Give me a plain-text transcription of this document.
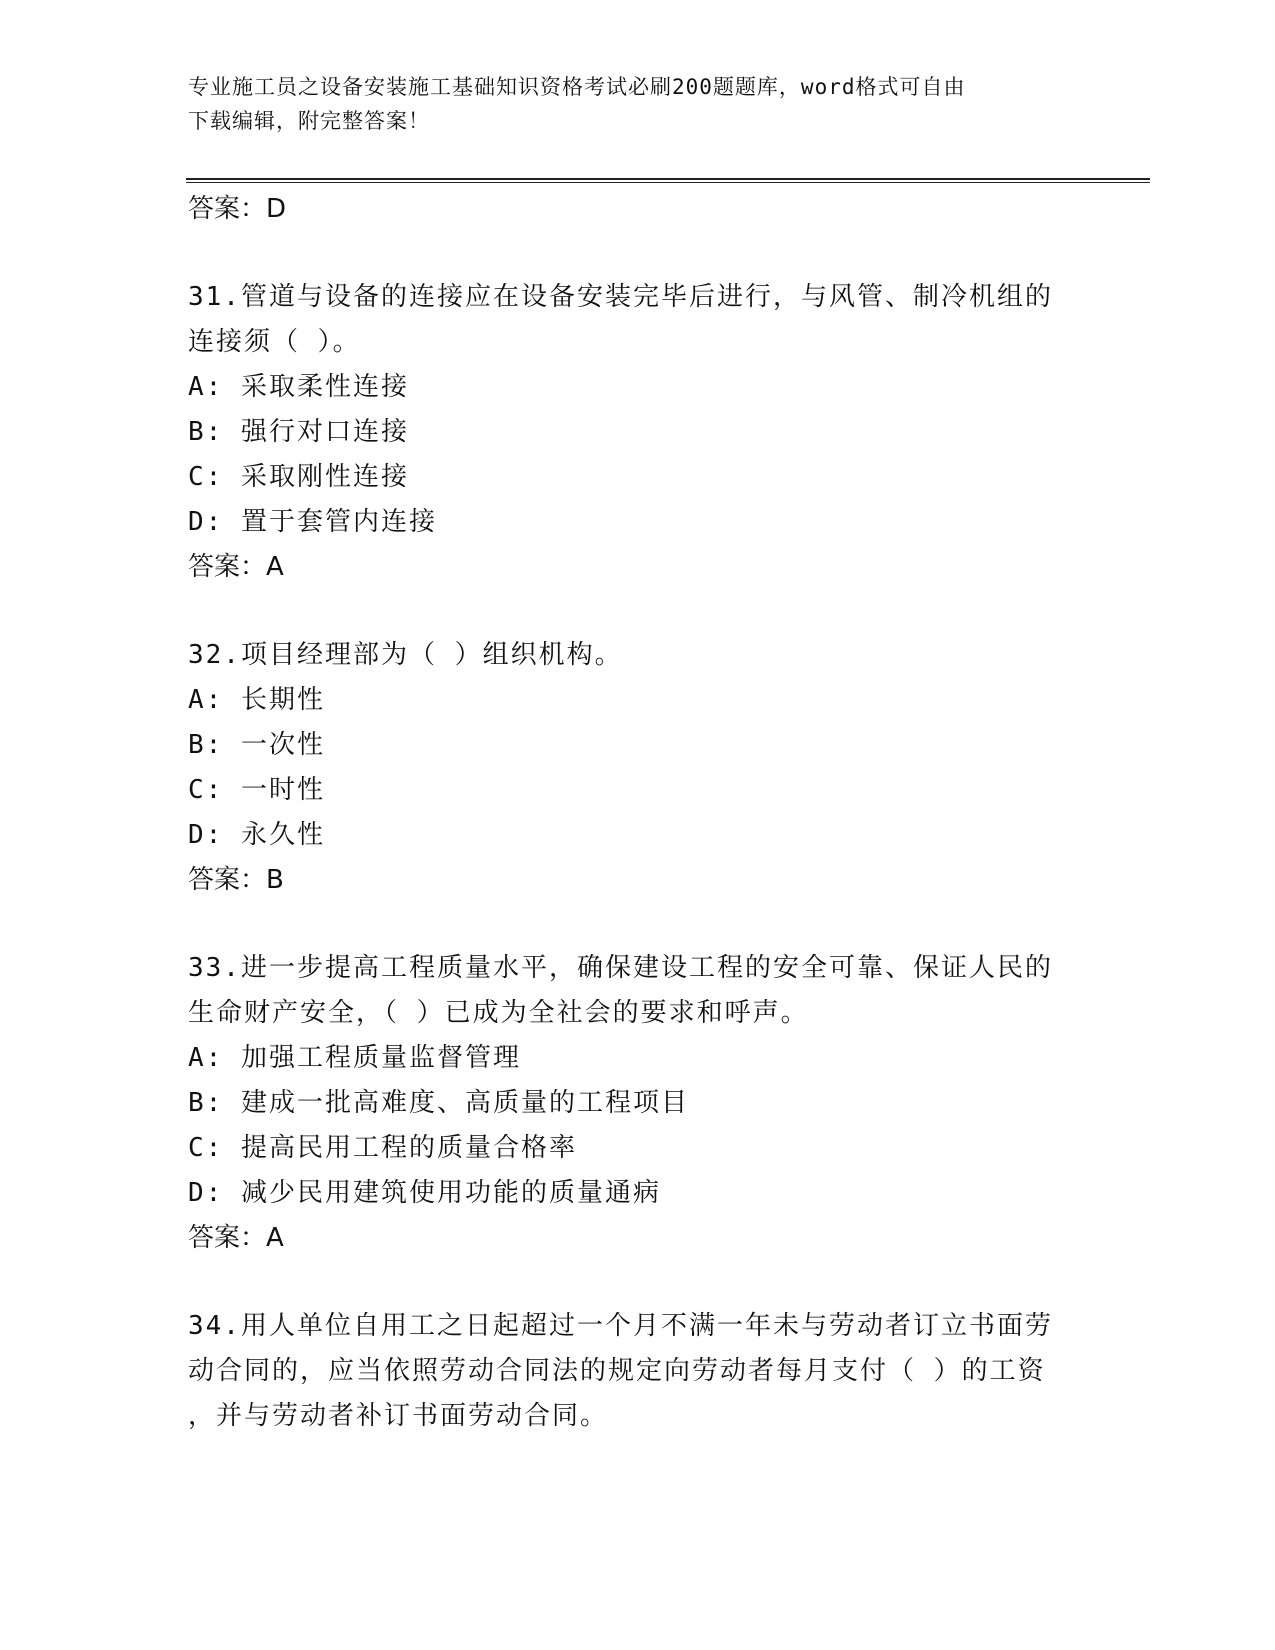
专业施工员之设备安装施工基础知识资格考试必刷200题题库，word格式可自由
下载编辑，附完整答案！
答案：D
31.管道与设备的连接应在设备安装完毕后进行，与风管、制冷机组的
连接须（ ）。
A: 采取柔性连接
B: 强行对口连接
C: 采取刚性连接
D: 置于套管内连接
答案：A
32.项目经理部为（ ）组织机构。
A: 长期性
B: 一次性
C: 一时性
D: 永久性
答案：B
33.进一步提高工程质量水平，确保建设工程的安全可靠、保证人民的
生命财产安全，（ ）已成为全社会的要求和呼声。
A: 加强工程质量监督管理
B: 建成一批高难度、高质量的工程项目
C: 提高民用工程的质量合格率
D: 减少民用建筑使用功能的质量通病
答案：A
34.用人单位自用工之日起超过一个月不满一年未与劳动者订立书面劳
动合同的，应当依照劳动合同法的规定向劳动者每月支付（ ）的工资
，并与劳动者补订书面劳动合同。
